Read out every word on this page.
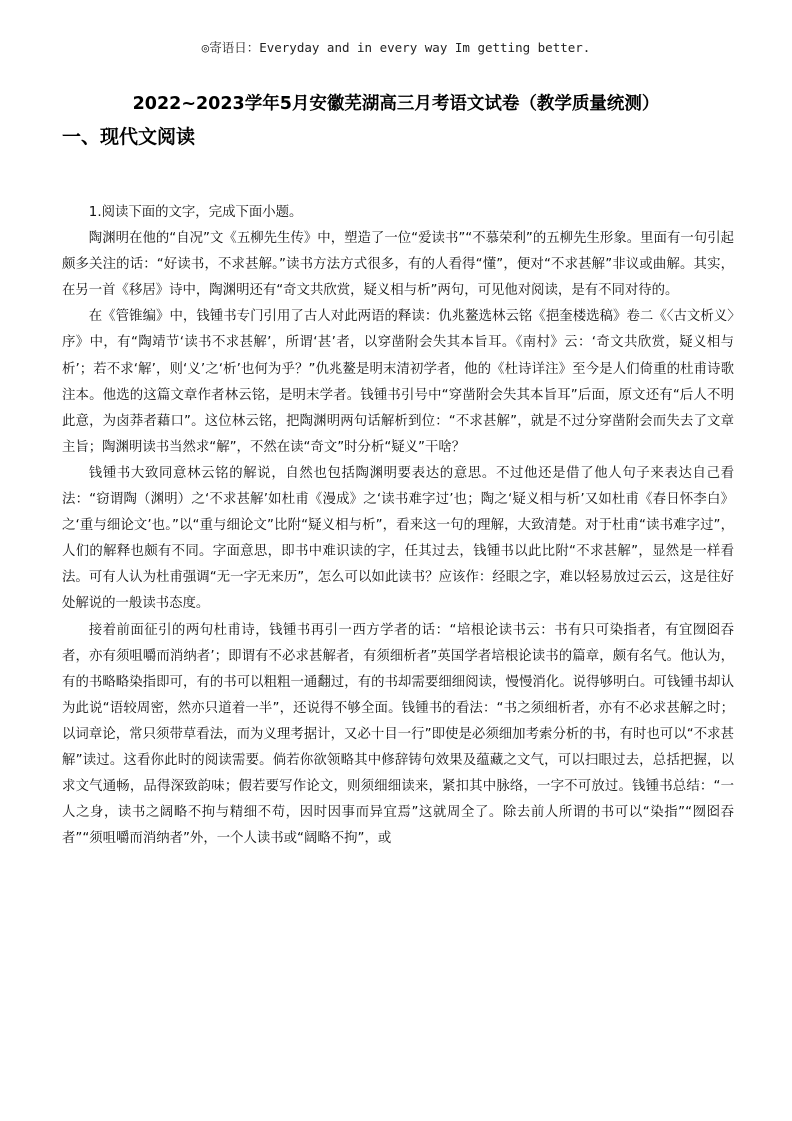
◎寄语日：Everyday and in every way Im getting better.
2022~2023学年5月安徽芜湖高三月考语文试卷（教学质量统测）
一、现代文阅读

1.阅读下面的文字，完成下面小题。

陶渊明在他的“自况”文《五柳先生传》中，塑造了一位“爱读书”“不慕荣利”的五柳先生形象。里面有一句引起颇多关注的话：“好读书，不求甚解。”读书方法方式很多，有的人看得“懂”，便对“不求甚解”非议或曲解。其实，在另一首《移居》诗中，陶渊明还有“奇文共欣赏，疑义相与析”两句，可见他对阅读，是有不同对待的。

在《管锥编》中，钱锺书专门引用了古人对此两语的释读：仇兆鳌选林云铭《挹奎楼选稿》卷二《〈古文析义〉序》中，有“陶靖节‘读书不求甚解’，所谓‘甚’者，以穿凿附会失其本旨耳。《南村》云：‘奇文共欣赏，疑义相与析’；若不求‘解’，则‘义’之‘析’也何为乎？”仇兆鳌是明末清初学者，他的《杜诗详注》至今是人们倚重的杜甫诗歌注本。他选的这篇文章作者林云铭，是明末学者。钱锺书引号中“穿凿附会失其本旨耳”后面，原文还有“后人不明此意，为卤莽者藉口”。这位林云铭，把陶渊明两句话解析到位：“不求甚解”，就是不过分穿凿附会而失去了文章主旨；陶渊明读书当然求“解”，不然在读“奇文”时分析“疑义”干啥？

钱锺书大致同意林云铭的解说，自然也包括陶渊明要表达的意思。不过他还是借了他人句子来表达自己看法：“窃谓陶（渊明）之‘不求甚解’如杜甫《漫成》之‘读书难字过’也；陶之‘疑义相与析’又如杜甫《春日怀李白》之‘重与细论文’也。”以“重与细论文”比附“疑义相与析”，看来这一句的理解，大致清楚。对于杜甫“读书难字过”，人们的解释也颇有不同。字面意思，即书中难识读的字，任其过去，钱锺书以此比附“不求甚解”，显然是一样看法。可有人认为杜甫强调“无一字无来历”，怎么可以如此读书？应该作：经眼之字，难以轻易放过云云，这是往好处解说的一般读书态度。

接着前面征引的两句杜甫诗，钱锺书再引一西方学者的话：“培根论读书云：书有只可染指者，有宜囫囵吞者，亦有须咀嚼而消纳者’；即谓有不必求甚解者，有须细析者”英国学者培根论读书的篇章，颇有名气。他认为，有的书略略染指即可，有的书可以粗粗一通翻过，有的书却需要细细阅读，慢慢消化。说得够明白。可钱锺书却认为此说“语较周密，然亦只道着一半”，还说得不够全面。钱锺书的看法：“书之须细析者，亦有不必求甚解之时；以词章论，常只须带草看法，而为义理考据计，又必十目一行”即使是必须细加考索分析的书，有时也可以“不求甚解”读过。这看你此时的阅读需要。倘若你欲领略其中修辞铸句效果及蕴藏之文气，可以扫眼过去，总括把握，以求文气通畅，品得深致韵味；假若要写作论文，则须细细读来，紧扣其中脉络，一字不可放过。钱锺书总结：“一人之身，读书之阔略不拘与精细不苟，因时因事而异宜焉”这就周全了。除去前人所谓的书可以“染指”“囫囵吞者”“须咀嚼而消纳者”外，一个人读书或“阔略不拘”，或
